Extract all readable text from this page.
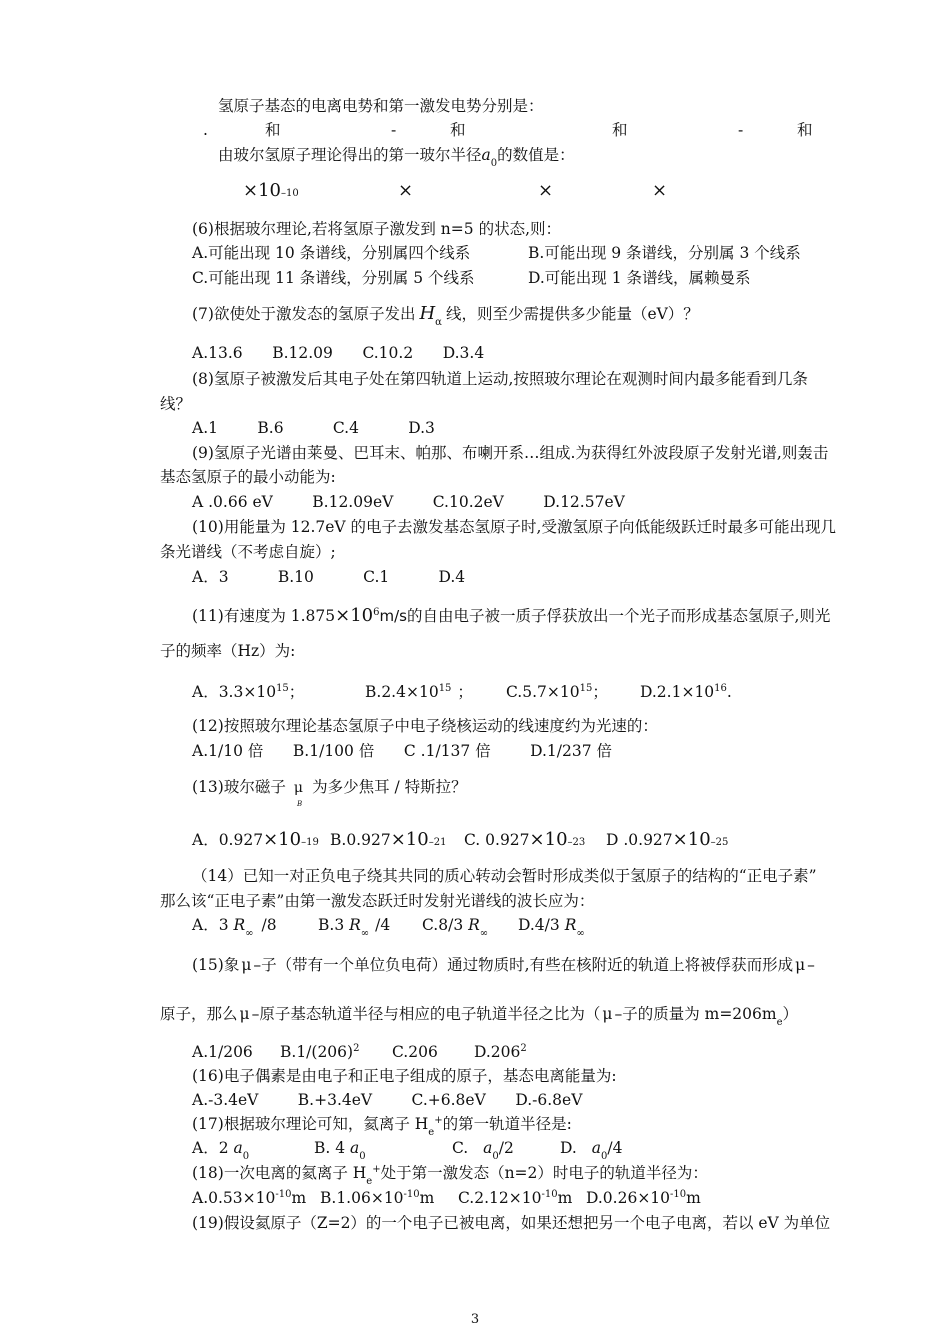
氢原子基态的电离电势和第一激发电势分别是：
.	和	-	和	和	-	和
由玻尔氢原子理论得出的第一玻尔半径$a_0$的数值是：
×10–10	×	×	×
(6)根据玻尔理论,若将氢原子激发到 n=5 的状态,则：
A.可能出现 10 条谱线，分别属四个线系	B.可能出现 9 条谱线，分别属 3 个线系
C.可能出现 11 条谱线，分别属 5 个线系	D.可能出现 1 条谱线，属赖曼系
(7)欲使处于激发态的氢原子发出 $H_\alpha$ 线，则至少需提供多少能量（eV）？
A.13.6      B.12.09      C.10.2      D.3.4
(8)氢原子被激发后其电子处在第四轨道上运动,按照玻尔理论在观测时间内最多能看到几条
线？
A.1        B.6          C.4          D.3
(9)氢原子光谱由莱曼、巴耳末、帕那、布喇开系…组成.为获得红外波段原子发射光谱,则轰击
基态氢原子的最小动能为:
A .0.66 eV        B.12.09eV        C.10.2eV        D.12.57eV
(10)用能量为 12.7eV 的电子去激发基态氢原子时,受激氢原子向低能级跃迁时最多可能出现几
条光谱线（不考虑自旋）;
A．3          B.10          C.1          D.4
(11)有速度为 $1.875\times 10^6m/s$的自由电子被一质子俘获放出一个光子而形成基态氢原子,则光
子的频率（Hz）为:
A．$3.3\times 10^{15}$；	$B.2.4\times 10^{15}$ ； $C.5.7\times 10^{15}$； $D.2.1\times 10^{16}$.
(12)按照玻尔理论基态氢原子中电子绕核运动的线速度约为光速的：
A.1/10 倍      B.1/100 倍      C .1/137 倍        D.1/237 倍
(13)玻尔磁子 $\mu_B$为多少焦耳 / 特斯拉？
A．0.927×10–19 B.0.927×10–21 C. 0.927×10–23 D .0.927×10–25
（14）已知一对正负电子绕其共同的质心转动会暂时形成类似于氢原子的结构的“正电子素”
那么该“正电子素”由第一激发态跃迁时发射光谱线的波长应为：
A．3 $R_\infty$ /8	B.3 $R_\infty$ /4 C.8/3 $R_\infty$ D.4/3 $R_\infty$
(15)象 μ –子（带有一个单位负电荷）通过物质时,有些在核附近的轨道上将被俘获而形成 μ –
原子，那么 μ –原子基态轨道半径与相应的电子轨道半径之比为（ μ –子的质量为 $m=206m_e$）
A.1/206 $B.1/(206)^2$ C.206 D.206$^2$
(16)电子偶素是由电子和正电子组成的原子，基态电离能量为:
A.-3.4eV        B.+3.4eV        C.+6.8eV      D.-6.8eV
(17)根据玻尔理论可知，氦离子 $H_e^+$的第一轨道半径是:
A．2 $a_0$	B. 4 $a_0$	C. $a_0/2$	D. $a_0/4$
(18)一次电离的氦离子 $H_e^+$处于第一激发态（n=2）时电子的轨道半径为：
$A.0.53\times 10^{-10}m$ $B.1.06\times 10^{-10}m$ $C.2.12\times 10^{-10}m$ $D.0.26\times 10^{-10}m$
(19)假设氦原子（Z=2）的一个电子已被电离，如果还想把另一个电子电离，若以 eV 为单位
3
